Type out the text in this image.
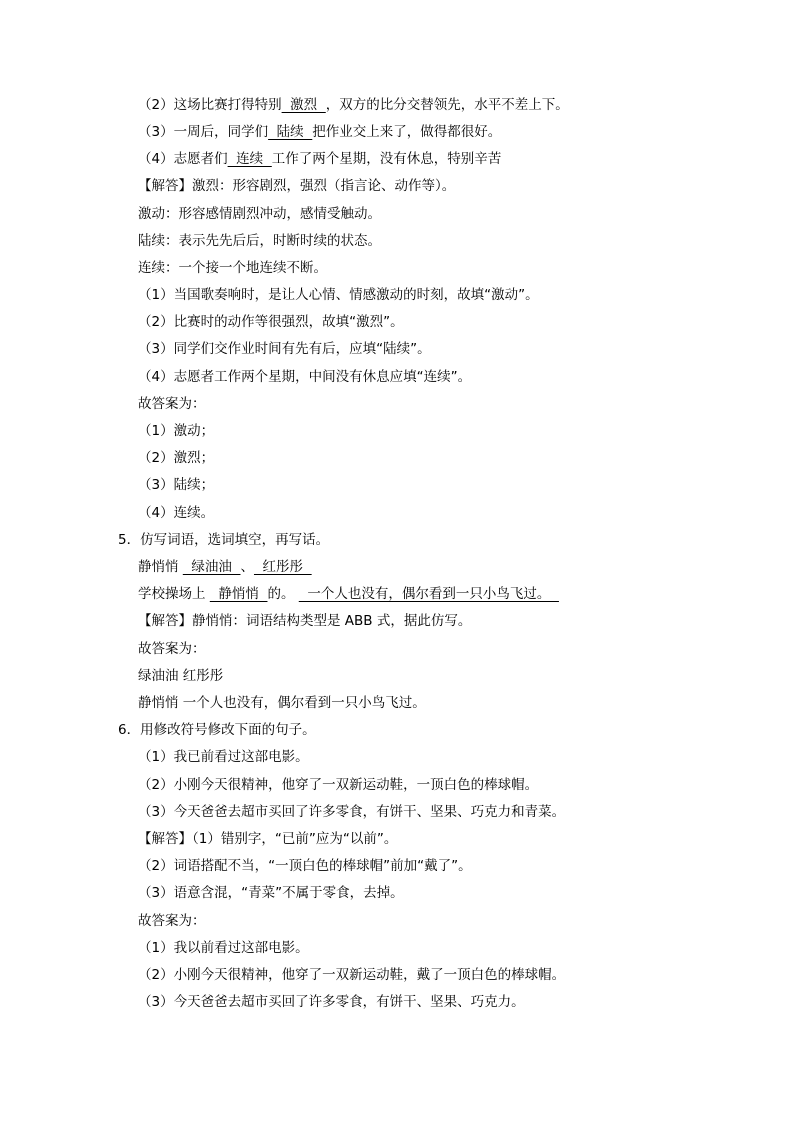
（2）这场比赛打得特别  激烈  ，双方的比分交替领先，水平不差上下。
（3）一周后，同学们  陆续  把作业交上来了，做得都很好。
（4）志愿者们  连续  工作了两个星期，没有休息，特别辛苦
【解答】激烈：形容剧烈，强烈（指言论、动作等）。
激动：形容感情剧烈冲动，感情受触动。
陆续：表示先先后后，时断时续的状态。
连续：一个接一个地连续不断。
（1）当国歌奏响时，是让人心情、情感激动的时刻，故填“激动”。
（2）比赛时的动作等很强烈，故填“激烈”。
（3）同学们交作业时间有先有后，应填“陆续”。
（4）志愿者工作两个星期，中间没有休息应填“连续”。
故答案为：
（1）激动；
（2）激烈；
（3）陆续；
（4）连续。
5．仿写词语，选词填空，再写话。
静悄悄   绿油油  、  红彤彤
学校操场上   静悄悄  的。   一个人也没有，偶尔看到一只小鸟飞过。
【解答】静悄悄：词语结构类型是 ABB 式，据此仿写。
故答案为：
绿油油 红彤彤
静悄悄 一个人也没有，偶尔看到一只小鸟飞过。
6．用修改符号修改下面的句子。
（1）我已前看过这部电影。
（2）小刚今天很精神，他穿了一双新运动鞋，一顶白色的棒球帽。
（3）今天爸爸去超市买回了许多零食，有饼干、坚果、巧克力和青菜。
【解答】（1）错别字，“已前”应为“以前”。
（2）词语搭配不当，“一顶白色的棒球帽”前加“戴了”。
（3）语意含混，“青菜”不属于零食，去掉。
故答案为：
（1）我以前看过这部电影。
（2）小刚今天很精神，他穿了一双新运动鞋，戴了一顶白色的棒球帽。
（3）今天爸爸去超市买回了许多零食，有饼干、坚果、巧克力。
